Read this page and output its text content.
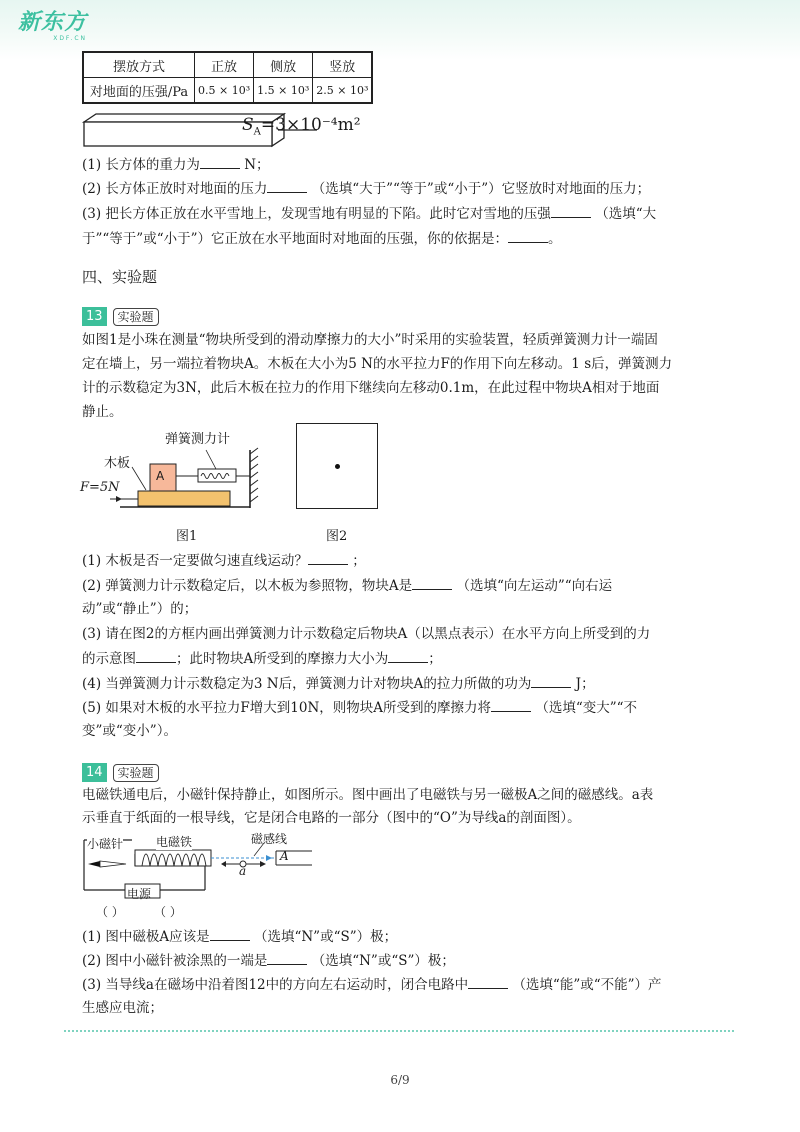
新东方
XDF.CN
摆放方式	正放	侧放	竖放
对地面的压强/Pa	0.5 × 10³	1.5 × 10³	2.5 × 10³
$S_A=3\times 10^{-4}m^2$
(1) 长方体的重力为	N；
(2) 长方体正放时对地面的压力	（选填“大于”“等于”或“小于”）它竖放时对地面的压力；
(3) 把长方体正放在水平雪地上，发现雪地有明显的下陷。此时它对雪地的压强	（选填“大
于”“等于”或“小于”）它正放在水平地面时对地面的压强，你的依据是：	。
四、实验题
13	实验题
如图1是小珠在测量“物块所受到的滑动摩擦力的大小”时采用的实验装置，轻质弹簧测力计一端固
定在墙上，另一端拉着物块A。木板在大小为5 N的水平拉力F的作用下向左移动。1 s后，弹簧测力
计的示数稳定为3N，此后木板在拉力的作用下继续向左移动0.1m，在此过程中物块A相对于地面
静止。
弹簧测力计
木板
A
F=5N
图1	图2
(1) 木板是否一定要做匀速直线运动？	；
(2) 弹簧测力计示数稳定后，以木板为参照物，物块A是	（选填“向左运动”“向右运
动”或“静止”）的；
(3) 请在图2的方框内画出弹簧测力计示数稳定后物块A（以黑点表示）在水平方向上所受到的力
的示意图	；此时物块A所受到的摩擦力大小为	；
(4) 当弹簧测力计示数稳定为3 N后，弹簧测力计对物块A的拉力所做的功为	J；
(5) 如果对木板的水平拉力F增大到10N，则物块A所受到的摩擦力将	（选填“变大”“不
变”或“变小”）。
14	实验题
电磁铁通电后，小磁针保持静止，如图所示。图中画出了电磁铁与另一磁极A之间的磁感线。a表
示垂直于纸面的一根导线，它是闭合电路的一部分（图中的“O”为导线a的剖面图）。
小磁针	电磁铁	磁感线
a
A
电源
（ ）	（ ）
(1) 图中磁极A应该是	（选填“N”或“S”）极；
(2) 图中小磁针被涂黑的一端是	（选填“N”或“S”）极；
(3) 当导线a在磁场中沿着图12中的方向左右运动时，闭合电路中	（选填“能”或“不能”）产
生感应电流；
6/9
